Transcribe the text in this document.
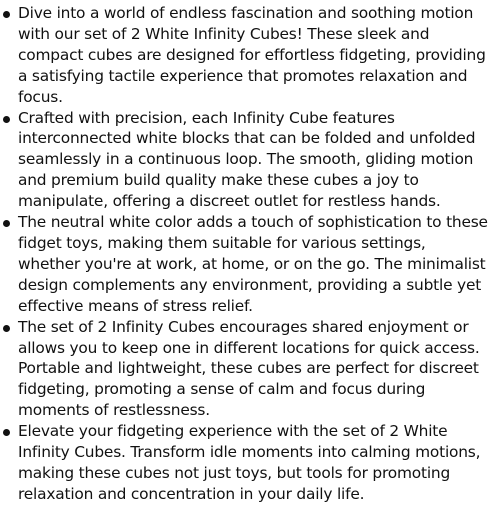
Dive into a world of endless fascination and soothing motion with our set of 2 White Infinity Cubes! These sleek and compact cubes are designed for effortless fidgeting, providing a satisfying tactile experience that promotes relaxation and focus.
Crafted with precision, each Infinity Cube features interconnected white blocks that can be folded and unfolded seamlessly in a continuous loop. The smooth, gliding motion and premium build quality make these cubes a joy to manipulate, offering a discreet outlet for restless hands.
The neutral white color adds a touch of sophistication to these fidget toys, making them suitable for various settings, whether you're at work, at home, or on the go. The minimalist design complements any environment, providing a subtle yet effective means of stress relief.
The set of 2 Infinity Cubes encourages shared enjoyment or allows you to keep one in different locations for quick access. Portable and lightweight, these cubes are perfect for discreet fidgeting, promoting a sense of calm and focus during moments of restlessness.
Elevate your fidgeting experience with the set of 2 White Infinity Cubes. Transform idle moments into calming motions, making these cubes not just toys, but tools for promoting relaxation and concentration in your daily life.
